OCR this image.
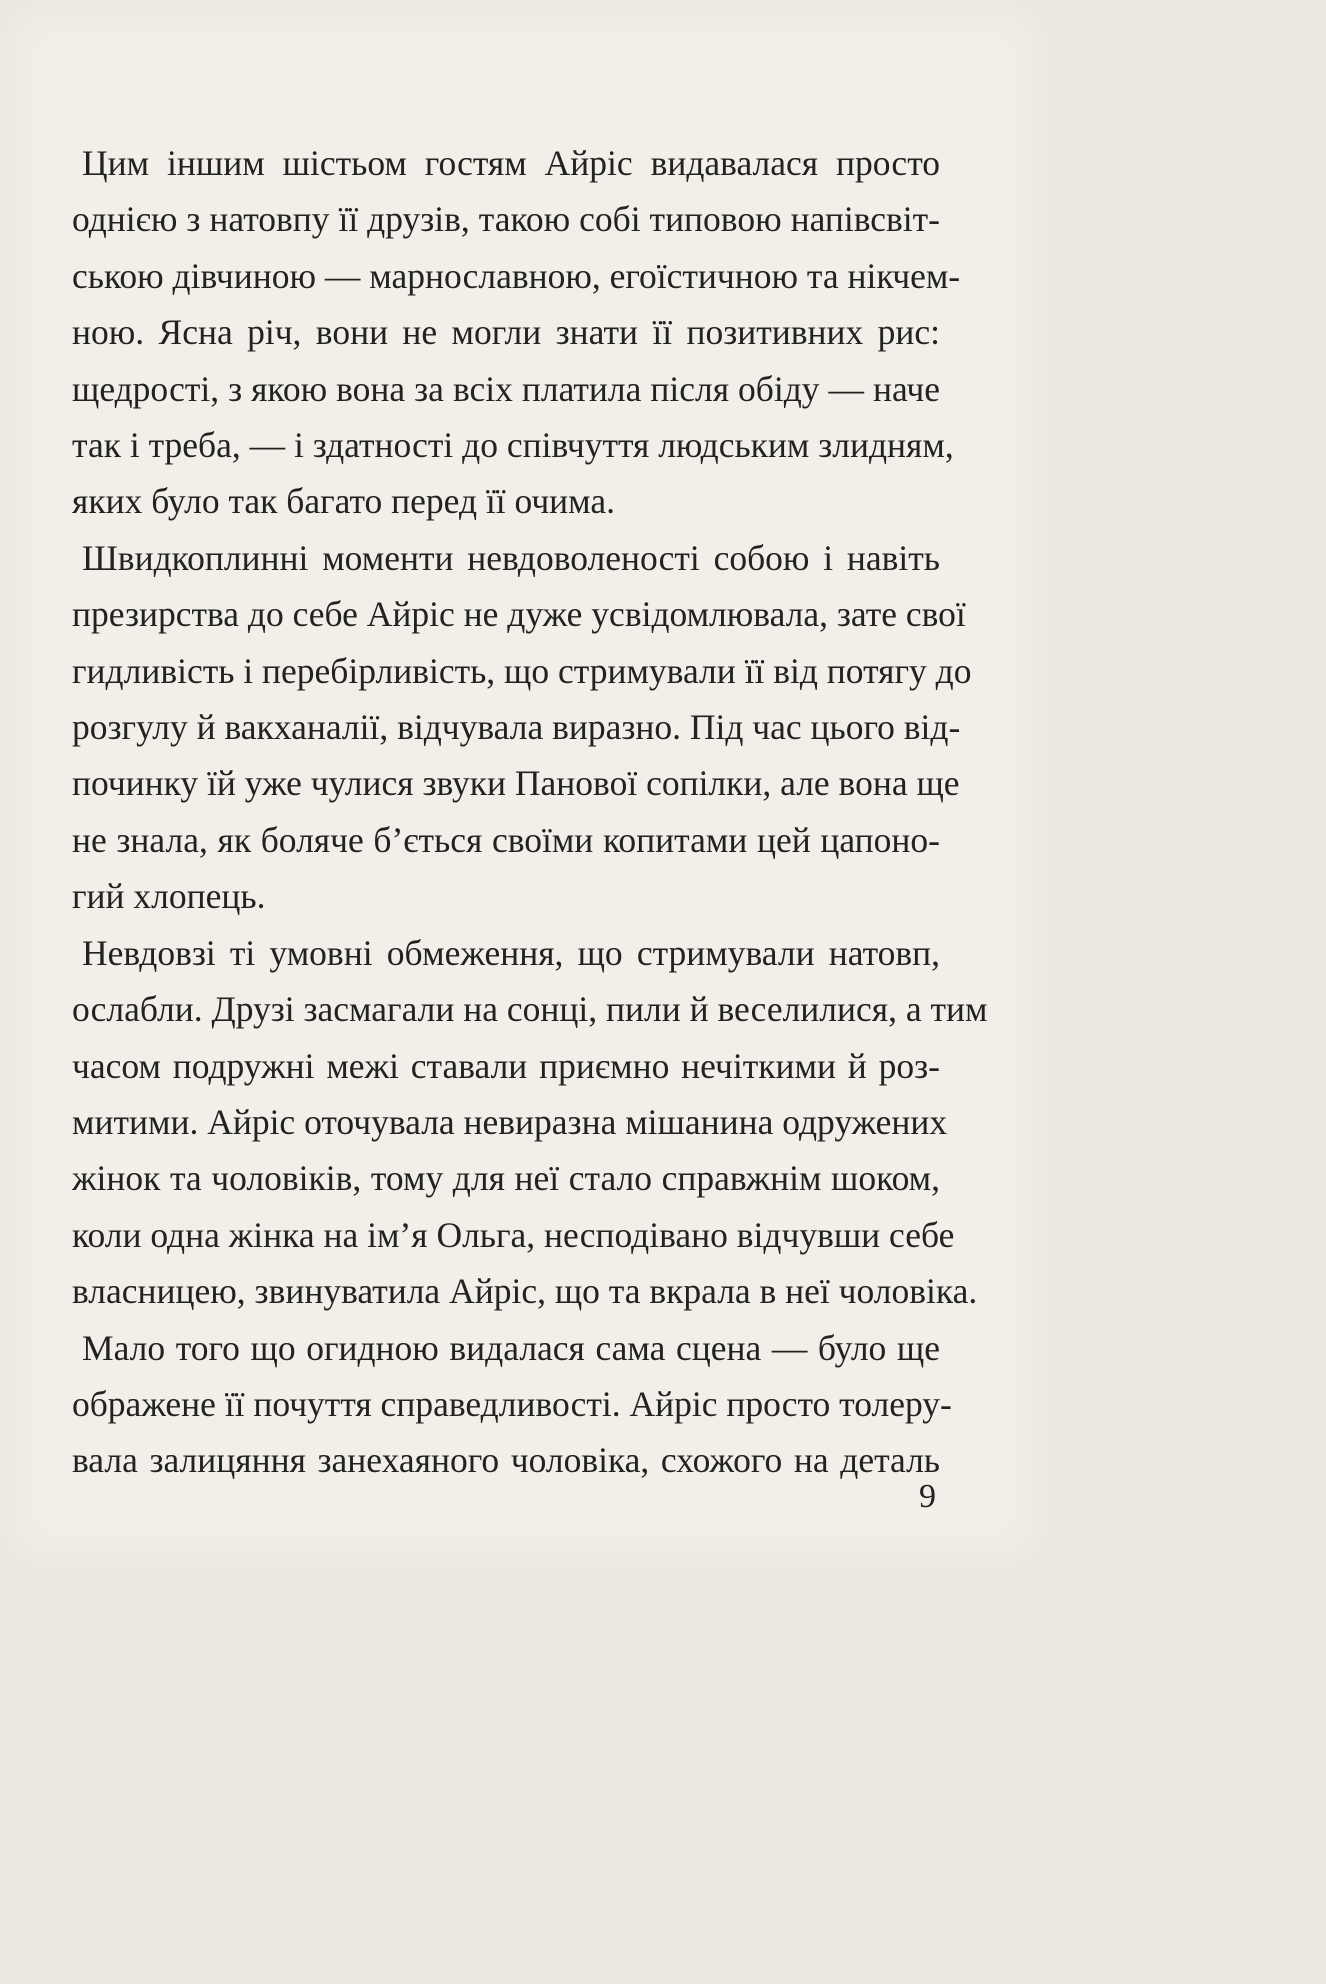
Цим іншим шістьом гостям Айріс видавалася просто
однією з натовпу її друзів, такою собі типовою напівсвіт-
ською дівчиною — марнославною, егоїстичною та нікчем-
ною. Ясна річ, вони не могли знати її позитивних рис:
щедрості, з якою вона за всіх платила після обіду — наче
так і треба, — і здатності до співчуття людським злидням,
яких було так багато перед її очима.
Швидкоплинні моменти невдоволеності собою і навіть
презирства до себе Айріс не дуже усвідомлювала, зате свої
гидливість і перебірливість, що стримували її від потягу до
розгулу й вакханалії, відчувала виразно. Під час цього від-
починку їй уже чулися звуки Панової сопілки, але вона ще
не знала, як боляче б’ється своїми копитами цей цапоно-
гий хлопець.
Невдовзі ті умовні обмеження, що стримували натовп,
ослабли. Друзі засмагали на сонці, пили й веселилися, а тим
часом подружні межі ставали приємно нечіткими й роз-
митими. Айріс оточувала невиразна мішанина одружених
жінок та чоловіків, тому для неї стало справжнім шоком,
коли одна жінка на ім’я Ольга, несподівано відчувши себе
власницею, звинуватила Айріс, що та вкрала в неї чоловіка.
Мало того що огидною видалася сама сцена — було ще
ображене її почуття справедливості. Айріс просто толеру-
вала залицяння занехаяного чоловіка, схожого на деталь
9
